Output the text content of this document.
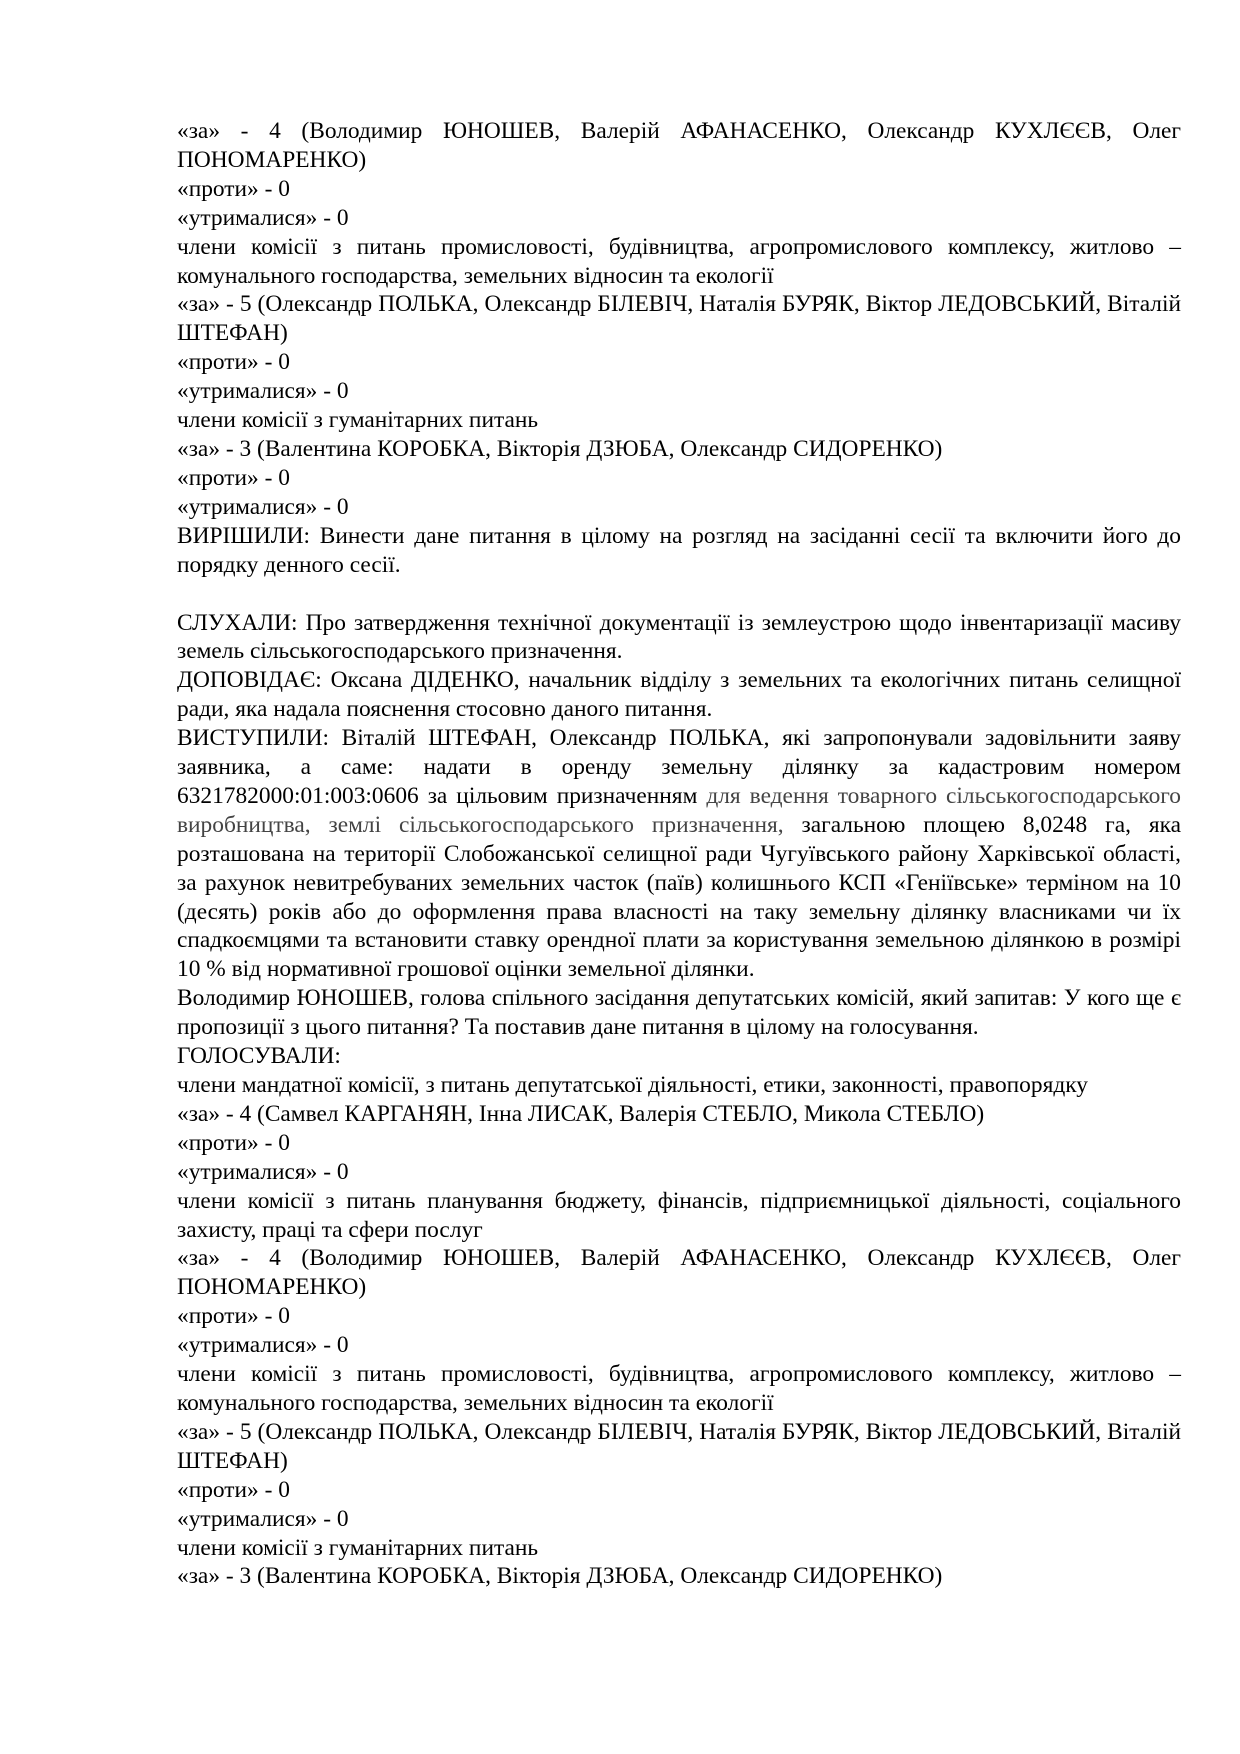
«за» - 4 (Володимир ЮНОШЕВ, Валерій АФАНАСЕНКО, Олександр КУХЛЄЄВ, Олег ПОНОМАРЕНКО)

«проти» - 0

«утрималися» - 0

члени комісії з питань промисловості, будівництва, агропромислового комплексу, житлово – комунального господарства, земельних відносин та екології

«за» - 5 (Олександр ПОЛЬКА, Олександр БІЛЕВІЧ, Наталія БУРЯК, Віктор ЛЕДОВСЬКИЙ, Віталій ШТЕФАН)

«проти» - 0

«утрималися» - 0

члени комісії з гуманітарних питань

«за» - 3 (Валентина КОРОБКА, Вікторія ДЗЮБА, Олександр СИДОРЕНКО)

«проти» - 0

«утрималися» - 0

ВИРІШИЛИ: Винести дане питання в цілому на розгляд на засіданні сесії та включити його до порядку денного сесії.

СЛУХАЛИ: Про затвердження технічної документації із землеустрою щодо інвентаризації масиву земель сільськогосподарського призначення.

ДОПОВІДАЄ: Оксана ДІДЕНКО, начальник відділу з земельних та екологічних питань селищної ради, яка надала пояснення стосовно даного питання.

ВИСТУПИЛИ: Віталій ШТЕФАН, Олександр ПОЛЬКА, які запропонували задовільнити заяву заявника, а саме: надати в оренду земельну ділянку за кадастровим номером 6321782000:01:003:0606 за цільовим призначенням для ведення товарного сільськогосподарського виробництва, землі сільськогосподарського призначення, загальною площею 8,0248 га, яка розташована на території Слобожанської селищної ради Чугуївського району Харківської області, за рахунок невитребуваних земельних часток (паїв) колишнього КСП «Геніївське» терміном на 10 (десять) років або до оформлення права власності на таку земельну ділянку власниками чи їх спадкоємцями та встановити ставку орендної плати за користування земельною ділянкою в розмірі 10 % від нормативної грошової оцінки земельної ділянки.

Володимир ЮНОШЕВ, голова спільного засідання депутатських комісій, який запитав: У кого ще є пропозиції з цього питання? Та поставив дане питання в цілому на голосування.

ГОЛОСУВАЛИ:

члени мандатної комісії, з питань депутатської діяльності, етики, законності, правопорядку

«за» - 4 (Самвел КАРГАНЯН, Інна ЛИСАК, Валерія СТЕБЛО, Микола СТЕБЛО)

«проти» - 0

«утрималися» - 0

члени комісії з питань планування бюджету, фінансів, підприємницької діяльності, соціального захисту, праці та сфери послуг

«за» - 4 (Володимир ЮНОШЕВ, Валерій АФАНАСЕНКО, Олександр КУХЛЄЄВ, Олег ПОНОМАРЕНКО)

«проти» - 0

«утрималися» - 0

члени комісії з питань промисловості, будівництва, агропромислового комплексу, житлово – комунального господарства, земельних відносин та екології

«за» - 5 (Олександр ПОЛЬКА, Олександр БІЛЕВІЧ, Наталія БУРЯК, Віктор ЛЕДОВСЬКИЙ, Віталій ШТЕФАН)

«проти» - 0

«утрималися» - 0

члени комісії з гуманітарних питань

«за» - 3 (Валентина КОРОБКА, Вікторія ДЗЮБА, Олександр СИДОРЕНКО)
